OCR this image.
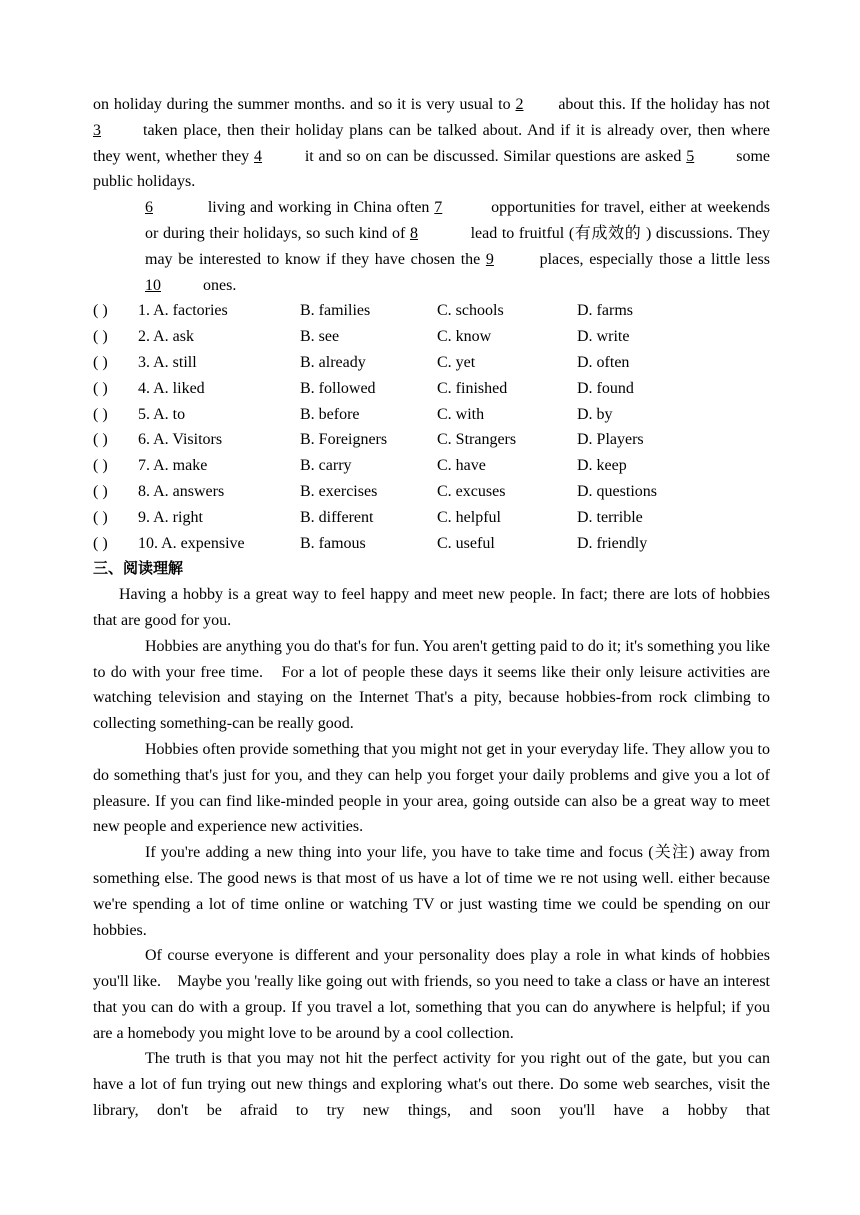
on holiday during the summer months. and so it is very usual to 2 about this. If the holiday has not 3	taken place, then their holiday plans can be talked about. And if it is already over, then where they went, whether they 4	it and so on can be discussed. Similar questions are asked 5	some public holidays.

6	living and working in China often 7	opportunities for travel, either at weekends or during their holidays, so such kind of 8	lead to fruitful (有成效的 ) discussions. They may be interested to know if they have chosen the 9	places, especially those a little less 10	ones.

( )	1. A. factories	B. families	C. schools	D. farms
( )	2. A. ask	B. see	C. know	D. write
( )	3. A. still	B. already	C. yet	D. often
( )	4. A. liked	B. followed	C. finished	D. found
( )	5. A. to	B. before	C. with	D. by
( )	6. A. Visitors	B. Foreigners	C. Strangers	D. Players
( )	7. A. make	B. carry	C. have	D. keep
( )	8. A. answers	B. exercises	C. excuses	D. questions
( )	9. A. right	B. different	C. helpful	D. terrible
( )	10. A. expensive	B. famous	C. useful	D. friendly

三、阅读理解

Having a hobby is a great way to feel happy and meet new people. In fact; there are lots of hobbies that are good for you.

Hobbies are anything you do that's for fun. You aren't getting paid to do it; it's something you like to do with your free time.　For a lot of people these days it seems like their only leisure activities are watching television and staying on the Internet That's a pity, because hobbies-from rock climbing to collecting something-can be really good.

Hobbies often provide something that you might not get in your everyday life. They allow you to do something that's just for you, and they can help you forget your daily problems and give you a lot of pleasure. If you can find like-minded people in your area, going outside can also be a great way to meet new people and experience new activities.

If you're adding a new thing into your life, you have to take time and focus (关注) away from something else. The good news is that most of us have a lot of time we re not using well. either because we're spending a lot of time online or watching TV or just wasting time we could be spending on our hobbies.

Of course everyone is different and your personality does play a role in what kinds of hobbies you'll like.　Maybe you 'really like going out with friends, so you need to take a class or have an interest that you can do with a group. If you travel a lot, something that you can do anywhere is helpful; if you are a homebody you might love to be around by a cool collection.

The truth is that you may not hit the perfect activity for you right out of the gate, but you can have a lot of fun trying out new things and exploring what's out there. Do some web searches, visit the library, don't be afraid to try new things, and soon you'll have a hobby that
